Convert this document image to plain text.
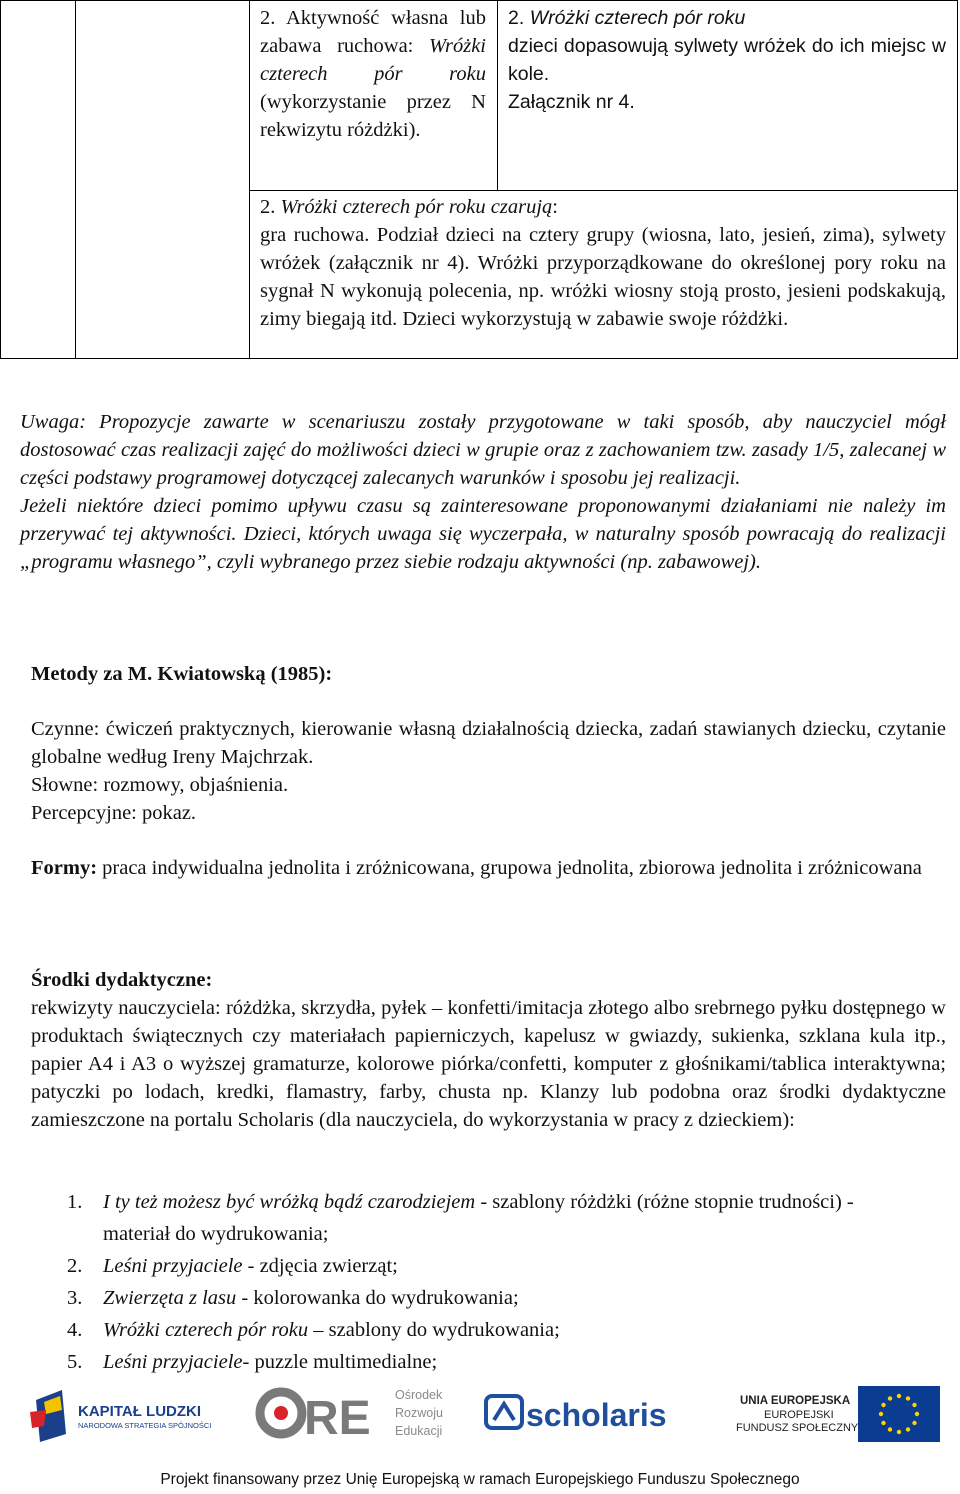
2. Aktywność własna lub zabawa ruchowa: Wróżki czterech pór roku (wykorzystanie przez N rekwizytu różdżki).
2. Wróżki czterech pór roku
dzieci dopasowują sylwety wróżek do ich miejsc w kole.
Załącznik nr 4.
2. Wróżki czterech pór roku czarują:
gra ruchowa. Podział dzieci na cztery grupy (wiosna, lato, jesień, zima), sylwety wróżek (załącznik nr 4). Wróżki przyporządkowane do określonej pory roku na sygnał N wykonują polecenia, np. wróżki wiosny stoją prosto, jesieni podskakują, zimy biegają itd. Dzieci wykorzystują w zabawie swoje różdżki.
Uwaga: Propozycje zawarte w scenariuszu zostały przygotowane w taki sposób, aby nauczyciel mógł dostosować czas realizacji zajęć do możliwości dzieci w grupie oraz z zachowaniem tzw. zasady 1/5, zalecanej w części podstawy programowej dotyczącej zalecanych warunków i sposobu jej realizacji.
Jeżeli niektóre dzieci pomimo upływu czasu są zainteresowane proponowanymi działaniami nie należy im przerywać tej aktywności. Dzieci, których uwaga się wyczerpała, w naturalny sposób powracają do realizacji „programu własnego”, czyli wybranego przez siebie rodzaju aktywności (np. zabawowej).
Metody za M. Kwiatowską (1985):
Czynne: ćwiczeń praktycznych, kierowanie własną działalnością dziecka, zadań stawianych dziecku, czytanie globalne według Ireny Majchrzak.
Słowne: rozmowy, objaśnienia.
Percepcyjne: pokaz.
Formy: praca indywidualna jednolita i zróżnicowana, grupowa jednolita, zbiorowa jednolita i zróżnicowana
Środki dydaktyczne:
rekwizyty nauczyciela: różdżka, skrzydła, pyłek – konfetti/imitacja złotego albo srebrnego pyłku dostępnego w produktach świątecznych czy materiałach papierniczych, kapelusz w gwiazdy, sukienka, szklana kula itp., papier A4 i A3 o wyższej gramaturze, kolorowe piórka/confetti, komputer z głośnikami/tablica interaktywna; patyczki po lodach, kredki, flamastry, farby, chusta np. Klanzy lub podobna oraz środki dydaktyczne zamieszczone na portalu Scholaris (dla nauczyciela, do wykorzystania w pracy z dzieckiem):
1. I ty też możesz być wróżką bądź czarodziejem - szablony różdżki (różne stopnie trudności) - materiał do wydrukowania;
2. Leśni przyjaciele - zdjęcia zwierząt;
3. Zwierzęta z lasu - kolorowanka do wydrukowania;
4. Wróżki czterech pór roku – szablony do wydrukowania;
5. Leśni przyjaciele- puzzle multimedialne;
KAPITAŁ LUDZKI
NARODOWA STRATEGIA SPÓJNOŚCI RE Ośrodek
Rozwoju
Edukacji	scholaris	UNIA EUROPEJSKA
EUROPEJSKI
FUNDUSZ SPOŁECZNY
Projekt finansowany przez Unię Europejską w ramach Europejskiego Funduszu Społecznego
